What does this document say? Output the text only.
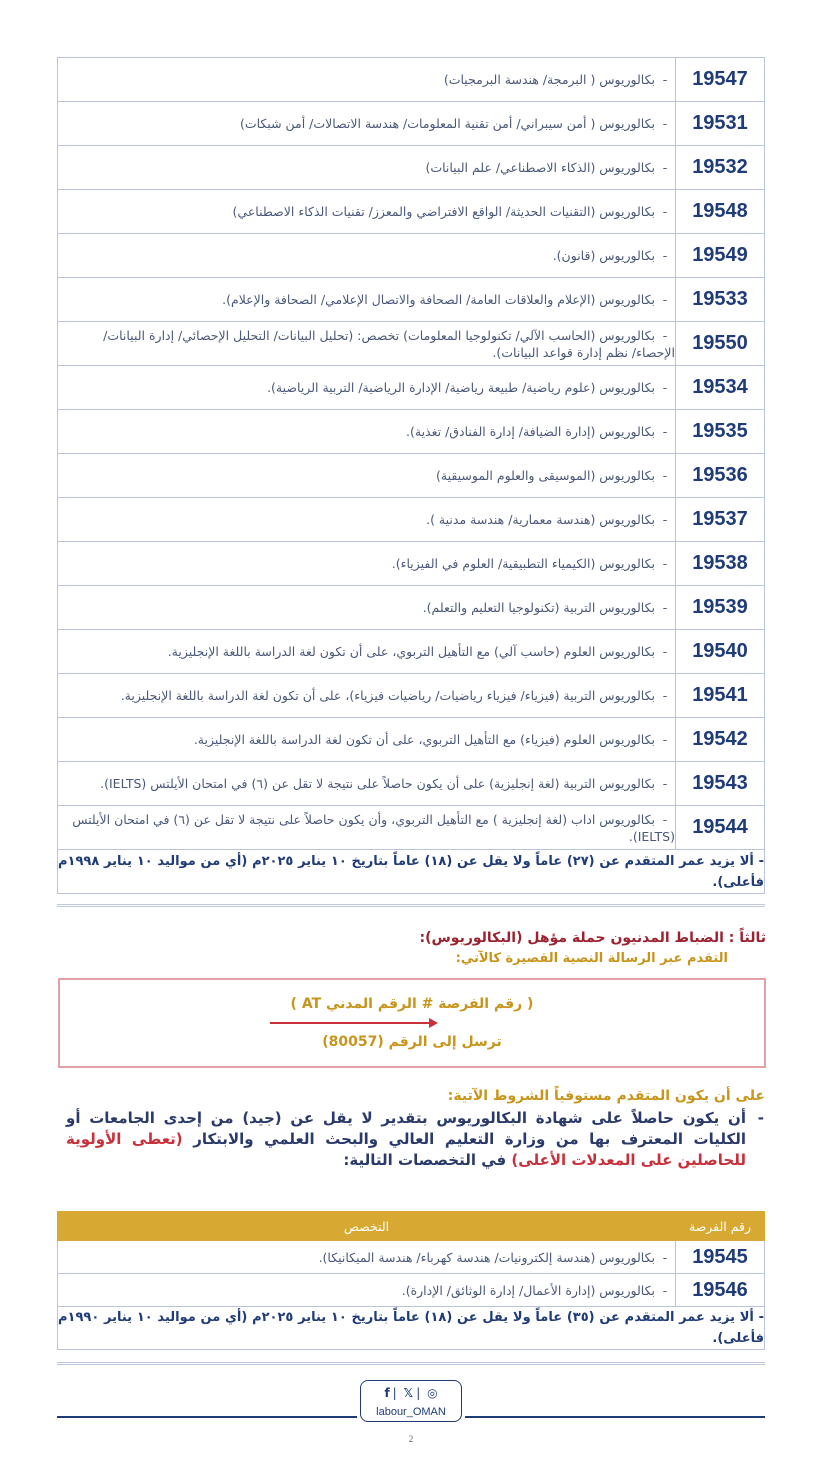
19547	-بكالوريوس ( البرمجة/ هندسة البرمجيات)
19531	-بكالوريوس ( أمن سيبراني/ أمن تقنية المعلومات/ هندسة الاتصالات/ أمن شبكات)
19532	-بكالوريوس (الذكاء الاصطناعي/ علم البيانات)
19548	-بكالوريوس (التقنيات الحديثة/ الواقع الافتراضي والمعزز/ تقنيات الذكاء الاصطناعي)
19549	-بكالوريوس (قانون).
19533	-بكالوريوس (الإعلام والعلاقات العامة/ الصحافة والاتصال الإعلامي/ الصحافة والإعلام).
19550	-بكالوريوس (الحاسب الآلي/ تكنولوجيا المعلومات) تخصص: (تحليل البيانات/ التحليل الإحصائي/ إدارة البيانات/ الإحصاء/ نظم إدارة قواعد البيانات).
19534	-بكالوريوس (علوم رياضية/ طبيعة رياضية/ الإدارة الرياضية/ التربية الرياضية).
19535	-بكالوريوس (إدارة الضيافة/ إدارة الفنادق/ تغذية).
19536	-بكالوريوس (الموسيقى والعلوم الموسيقية)
19537	-بكالوريوس (هندسة معمارية/ هندسة مدنية ).
19538	-بكالوريوس (الكيمياء التطبيقية/ العلوم في الفيزياء).
19539	-بكالوريوس التربية (تكنولوجيا التعليم والتعلم).
19540	-بكالوريوس العلوم (حاسب آلي) مع التأهيل التربوي، على أن تكون لغة الدراسة باللغة الإنجليزية.
19541	-بكالوريوس التربية (فيزياء/ فيزياء رياضيات/ رياضيات فيزياء)، على أن تكون لغة الدراسة باللغة الإنجليزية.
19542	-بكالوريوس العلوم (فيزياء) مع التأهيل التربوي، على أن تكون لغة الدراسة باللغة الإنجليزية.
19543	-بكالوريوس التربية (لغة إنجليزية) على أن يكون حاصلاً على نتيجة لا تقل عن (٦) في امتحان الأيلتس (IELTS).
19544	-بكالوريوس اداب (لغة إنجليزية ) مع التأهيل التربوي، وأن يكون حاصلاً على نتيجة لا تقل عن (٦) في امتحان الأيلتس (IELTS).
- ألا يزيد عمر المتقدم عن (٢٧) عاماً ولا يقل عن (١٨) عاماً بتاريخ ١٠ يناير ٢٠٢٥م (أي من مواليد ١٠ يناير ١٩٩٨م فأعلى).	
ثالثاً : الضباط المدنيون حملة مؤهل (البكالوريوس):
التقدم عبر الرسالة النصية القصيرة كالآتي:
( رقم الفرصة # الرقم المدني AT )
ترسل إلى الرقم (80057)
على أن يكون المتقدم مستوفياً الشروط الآتية:
-
أن يكون حاصلاً على شهادة البكالوريوس بتقدير لا يقل عن (جيد) من إحدى الجامعات أو الكليات المعترف بها من وزارة التعليم العالي والبحث العلمي والابتكار (تعطى الأولوية للحاصلين على المعدلات الأعلى) في التخصصات التالية:
رقم الفرصة	التخصص
19545	-بكالوريوس (هندسة إلكترونيات/ هندسة كهرباء/ هندسة الميكانيكا).
19546	-بكالوريوس (إدارة الأعمال/ إدارة الوثائق/ الإدارة).
- ألا يزيد عمر المتقدم عن (٣٥) عاماً ولا يقل عن (١٨) عاماً بتاريخ ١٠ يناير ٢٠٢٥م (أي من مواليد ١٠ يناير ١٩٩٠م فأعلى).	
f | 𝕏 | ◎
labour_OMAN
2
